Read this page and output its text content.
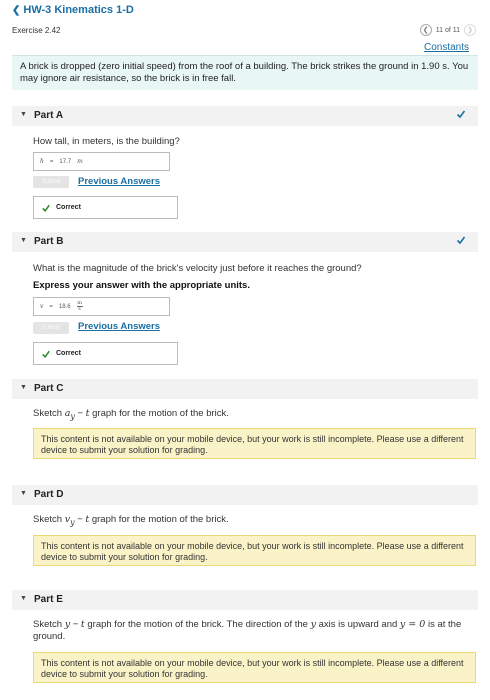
❮ HW-3 Kinematics 1-D
Exercise 2.42	❮	11 of 11	❯
Constants
A brick is dropped (zero initial speed) from the roof of a building. The brick strikes the ground in 1.90 s. You may ignore air resistance, so the brick is in free fall.
▼ Part A
How tall, in meters, is the building?
h = 17.7 m
Submit	Previous Answers
Correct
▼ Part B
What is the magnitude of the brick's velocity just before it reaches the ground?
Express your answer with the appropriate units.
$v = 18.6 \frac{m}{s}$
Submit	Previous Answers
Correct
▼ Part C
Sketch $a_y - t$ graph for the motion of the brick.
This content is not available on your mobile device, but your work is still incomplete. Please use a different device to submit your solution for grading.
▼ Part D
Sketch $v_y - t$ graph for the motion of the brick.
This content is not available on your mobile device, but your work is still incomplete. Please use a different device to submit your solution for grading.
▼ Part E
Sketch y − t graph for the motion of the brick. The direction of the y axis is upward and y = 0 is at the ground.
This content is not available on your mobile device, but your work is still incomplete. Please use a different device to submit your solution for grading.
